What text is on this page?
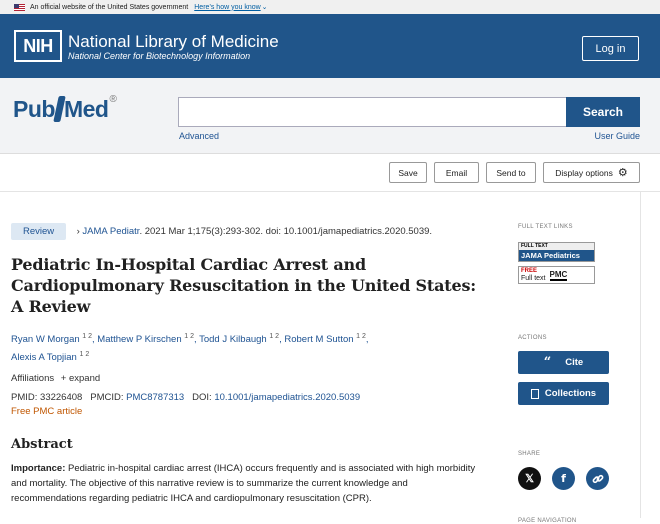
An official website of the United States government Here’s how you know ⌄
NIH National Library of Medicine
National Center for Biotechnology Information
Log in
Pub Med ®
Search
Advanced	User Guide
Save	Email	Send to	Display options ⚙
Review › JAMA Pediatr. 2021 Mar 1;175(3):293-302. doi: 10.1001/jamapediatrics.2020.5039.
Pediatric In-Hospital Cardiac Arrest and Cardiopulmonary Resuscitation in the United States: A Review
Ryan W Morgan $^{1 2}$, Matthew P Kirschen $^{1 2}$, Todd J Kilbaugh $^{1 2}$, Robert M Sutton $^{1 2}$,
Alexis A Topjian $^{1 2}$
Affiliations + expand
PMID: 33226408 PMCID: PMC8787313 DOI: 10.1001/jamapediatrics.2020.5039
Free PMC article
Abstract

Importance: Pediatric in-hospital cardiac arrest (IHCA) occurs frequently and is associated with high morbidity and mortality. The objective of this narrative review is to summarize the current knowledge and recommendations regarding pediatric IHCA and cardiopulmonary resuscitation (CPR).

FULL TEXT LINKS
FULL TEXT
JAMA Pediatrics
FREE
Full text PMC
ACTIONS
“ Cite
Collections
SHARE
𝕏	f
PAGE NAVIGATION
